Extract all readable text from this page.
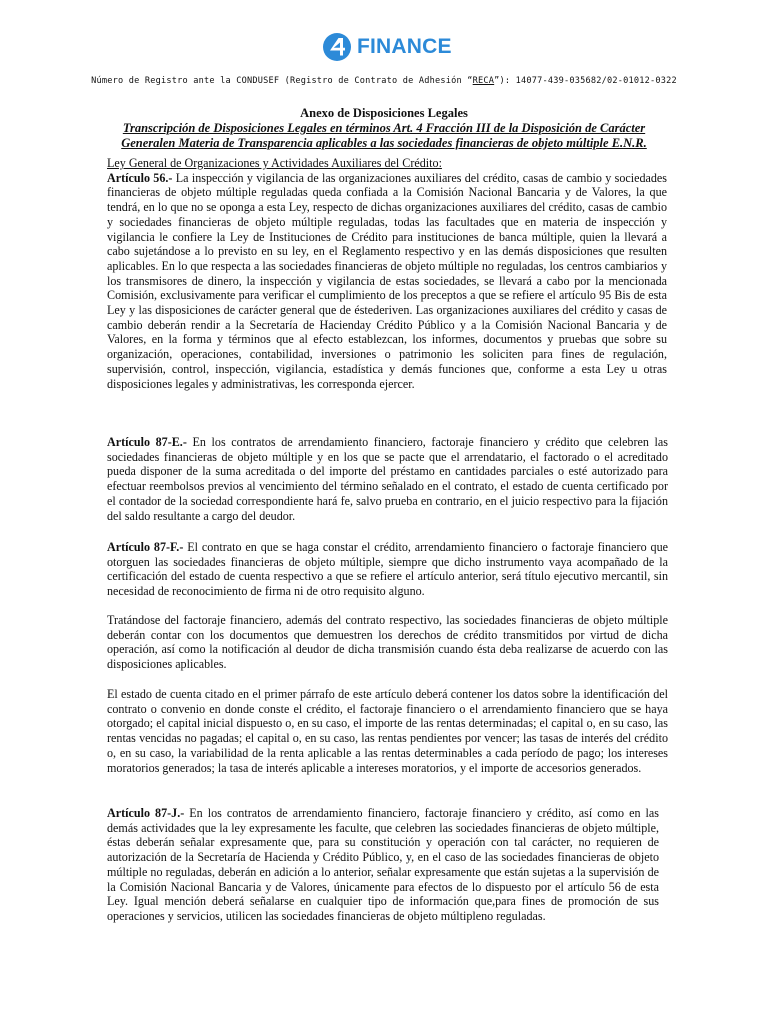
FINANCE
Número de Registro ante la CONDUSEF (Registro de Contrato de Adhesión “RECA”): 14077-439-035682/02-01012-0322
Anexo de Disposiciones Legales
Transcripción de Disposiciones Legales en términos Art. 4 Fracción III de la Disposición de Carácter Generalen Materia de Transparencia aplicables a las sociedades financieras de objeto múltiple E.N.R.
Ley General de Organizaciones y Actividades Auxiliares del Crédito:
Artículo 56.- La inspección y vigilancia de las organizaciones auxiliares del crédito, casas de cambio y sociedades financieras de objeto múltiple reguladas queda confiada a la Comisión Nacional Bancaria y de Valores, la que tendrá, en lo que no se oponga a esta Ley, respecto de dichas organizaciones auxiliares del crédito, casas de cambio y sociedades financieras de objeto múltiple reguladas, todas las facultades que en materia de inspección y vigilancia le confiere la Ley de Instituciones de Crédito para instituciones de banca múltiple, quien la llevará a cabo sujetándose a lo previsto en su ley, en el Reglamento respectivo y en las demás disposiciones que resulten aplicables. En lo que respecta a las sociedades financieras de objeto múltiple no reguladas, los centros cambiarios y los transmisores de dinero, la inspección y vigilancia de estas sociedades, se llevará a cabo por la mencionada Comisión, exclusivamente para verificar el cumplimiento de los preceptos a que se refiere el artículo 95 Bis de esta Ley y las disposiciones de carácter general que de éstederiven. Las organizaciones auxiliares del crédito y casas de cambio deberán rendir a la Secretaría de Haciendaу Crédito Público y a la Comisión Nacional Bancaria y de Valores, en la forma y términos que al efecto establezcan, los informes, documentos y pruebas que sobre su organización, operaciones, contabilidad, inversiones o patrimonio les soliciten para fines de regulación, supervisión, control, inspección, vigilancia, estadística y demás funciones que, conforme a esta Ley u otras disposiciones legales y administrativas, les corresponda ejercer.
Artículo 87-E.- En los contratos de arrendamiento financiero, factoraje financiero y crédito que celebren las sociedades financieras de objeto múltiple y en los que se pacte que el arrendatario, el factorado o el acreditado pueda disponer de la suma acreditada o del importe del préstamo en cantidades parciales o esté autorizado para efectuar reembolsos previos al vencimiento del término señalado en el contrato, el estado de cuenta certificado por el contador de la sociedad correspondiente hará fe, salvo prueba en contrario, en el juicio respectivo para la fijación del saldo resultante a cargo del deudor.
Artículo 87-F.- El contrato en que se haga constar el crédito, arrendamiento financiero o factoraje financiero que otorguen las sociedades financieras de objeto múltiple, siempre que dicho instrumento vaya acompañado de la certificación del estado de cuenta respectivo a que se refiere el artículo anterior, será título ejecutivo mercantil, sin necesidad de reconocimiento de firma ni de otro requisito alguno.
Tratándose del factoraje financiero, además del contrato respectivo, las sociedades financieras de objeto múltiple deberán contar con los documentos que demuestren los derechos de crédito transmitidos por virtud de dicha operación, así como la notificación al deudor de dicha transmisión cuando ésta deba realizarse de acuerdo con las disposiciones aplicables.
El estado de cuenta citado en el primer párrafo de este artículo deberá contener los datos sobre la identificación del contrato o convenio en donde conste el crédito, el factoraje financiero o el arrendamiento financiero que se haya otorgado; el capital inicial dispuesto o, en su caso, el importe de las rentas determinadas; el capital o, en su caso, las rentas vencidas no pagadas; el capital o, en su caso, las rentas pendientes por vencer; las tasas de interés del crédito o, en su caso, la variabilidad de la renta aplicable a las rentas determinables a cada período de pago; los intereses moratorios generados; la tasa de interés aplicable a intereses moratorios, y el importe de accesorios generados.
Artículo 87-J.- En los contratos de arrendamiento financiero, factoraje financiero y crédito, así como en las demás actividades que la ley expresamente les faculte, que celebren las sociedades financieras de objeto múltiple, éstas deberán señalar expresamente que, para su constitución y operación con tal carácter, no requieren de autorización de la Secretaría de Hacienda y Crédito Público, y, en el caso de las sociedades financieras de objeto múltiple no reguladas, deberán en adición a lo anterior, señalar expresamente que están sujetas a la supervisión de la Comisión Nacional Bancaria y de Valores, únicamente para efectos de lo dispuesto por el artículo 56 de esta Ley. Igual mención deberá señalarse en cualquier tipo de información que,para fines de promoción de sus operaciones y servicios, utilicen las sociedades financieras de objeto múltipleno reguladas.
